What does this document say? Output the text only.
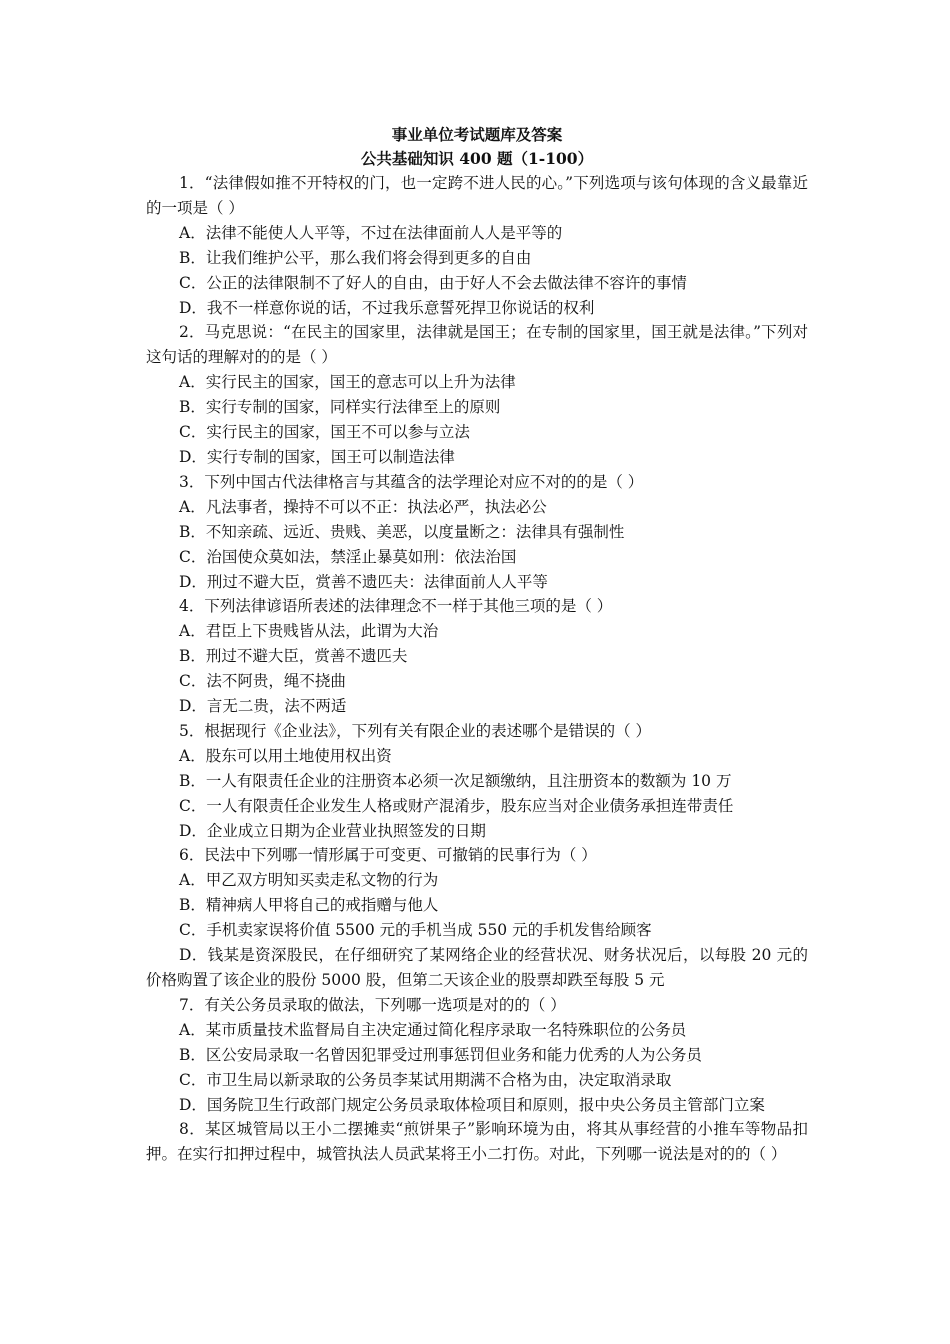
事业单位考试题库及答案

公共基础知识 400 题（1-100）

1．“法律假如推不开特权的门，也一定跨不进人民的心。”下列选项与该句体现的含义最靠近的一项是（ ）

A．法律不能使人人平等，不过在法律面前人人是平等的

B．让我们维护公平，那么我们将会得到更多的自由

C．公正的法律限制不了好人的自由，由于好人不会去做法律不容许的事情

D．我不一样意你说的话，不过我乐意誓死捍卫你说话的权利

2．马克思说：“在民主的国家里，法律就是国王；在专制的国家里，国王就是法律。”下列对这句话的理解对的的是（ ）

A．实行民主的国家，国王的意志可以上升为法律

B．实行专制的国家，同样实行法律至上的原则

C．实行民主的国家，国王不可以参与立法

D．实行专制的国家，国王可以制造法律

3．下列中国古代法律格言与其蕴含的法学理论对应不对的的是（ ）

A．凡法事者，操持不可以不正：执法必严，执法必公

B．不知亲疏、远近、贵贱、美恶，以度量断之：法律具有强制性

C．治国使众莫如法，禁淫止暴莫如刑：依法治国

D．刑过不避大臣，赏善不遗匹夫：法律面前人人平等

4．下列法律谚语所表述的法律理念不一样于其他三项的是（ ）

A．君臣上下贵贱皆从法，此谓为大治

B．刑过不避大臣，赏善不遗匹夫

C．法不阿贵，绳不挠曲

D．言无二贵，法不两适

5．根据现行《企业法》，下列有关有限企业的表述哪个是错误的（ ）

A．股东可以用土地使用权出资

B．一人有限责任企业的注册资本必须一次足额缴纳，且注册资本的数额为 10 万

C．一人有限责任企业发生人格或财产混淆步，股东应当对企业债务承担连带责任

D．企业成立日期为企业营业执照签发的日期

6．民法中下列哪一情形属于可变更、可撤销的民事行为（ ）

A．甲乙双方明知买卖走私文物的行为

B．精神病人甲将自己的戒指赠与他人

C．手机卖家误将价值 5500 元的手机当成 550 元的手机发售给顾客

D．钱某是资深股民，在仔细研究了某网络企业的经营状况、财务状况后，以每股 20 元的价格购置了该企业的股份 5000 股，但第二天该企业的股票却跌至每股 5 元

7．有关公务员录取的做法，下列哪一选项是对的的（ ）

A．某市质量技术监督局自主决定通过简化程序录取一名特殊职位的公务员

B．区公安局录取一名曾因犯罪受过刑事惩罚但业务和能力优秀的人为公务员

C．市卫生局以新录取的公务员李某试用期满不合格为由，决定取消录取

D．国务院卫生行政部门规定公务员录取体检项目和原则，报中央公务员主管部门立案

8．某区城管局以王小二摆摊卖“煎饼果子”影响环境为由，将其从事经营的小推车等物品扣押。在实行扣押过程中，城管执法人员武某将王小二打伤。对此，下列哪一说法是对的的（ ）
